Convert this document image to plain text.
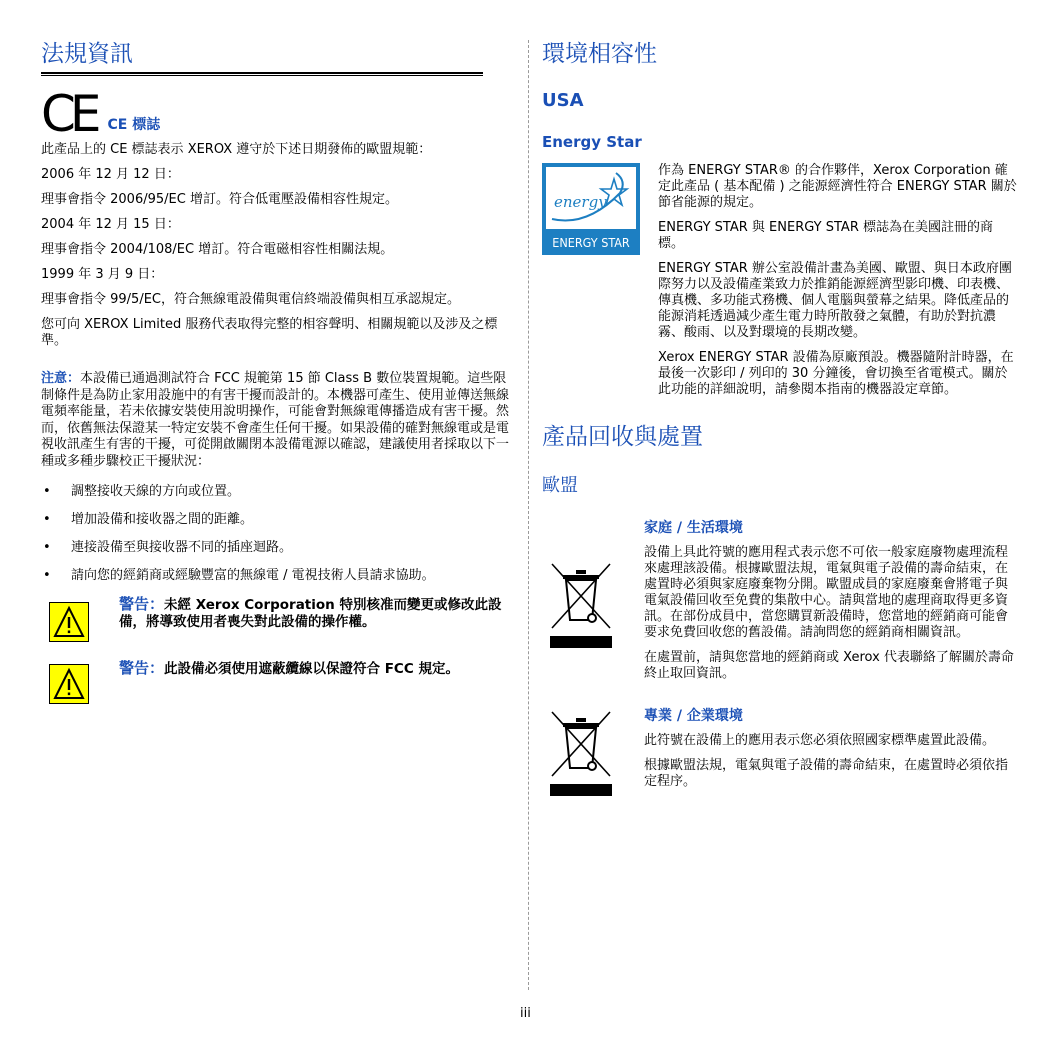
法規資訊
CE CE 標誌

此產品上的 CE 標誌表示 XEROX 遵守於下述日期發佈的歐盟規範：

2006 年 12 月 12 日：

理事會指令 2006/95/EC 增訂。符合低電壓設備相容性規定。

2004 年 12 月 15 日：

理事會指令 2004/108/EC 增訂。符合電磁相容性相關法規。

1999 年 3 月 9 日：

理事會指令 99/5/EC，符合無線電設備與電信終端設備與相互承認規定。

您可向 XEROX Limited 服務代表取得完整的相容聲明、相關規範以及涉及之標準。

注意：本設備已通過測試符合 FCC 規範第 15 節 Class B 數位裝置規範。這些限制條件是為防止家用設施中的有害干擾而設計的。本機器可產生、使用並傳送無線電頻率能量，若未依據安裝使用說明操作，可能會對無線電傳播造成有害干擾。然而，依舊無法保證某一特定安裝不會產生任何干擾。如果設備的確對無線電或是電視收訊產生有害的干擾，可從開啟關閉本設備電源以確認，建議使用者採取以下一種或多種步驟校正干擾狀況：

•	調整接收天線的方向或位置。
•	增加設備和接收器之間的距離。
•	連接設備至與接收器不同的插座迴路。
•	請向您的經銷商或經驗豐富的無線電 / 電視技術人員請求協助。
警告：未經 Xerox Corporation 特別核准而變更或修改此設備，將導致使用者喪失對此設備的操作權。
警告：此設備必須使用遮蔽纜線以保證符合 FCC 規定。
環境相容性
USA
Energy Star
energy
ENERGY STAR

作為 ENERGY STAR® 的合作夥伴，Xerox Corporation 確定此產品 ( 基本配備 ) 之能源經濟性符合 ENERGY STAR 關於節省能源的規定。

ENERGY STAR 與 ENERGY STAR 標誌為在美國註冊的商標。

ENERGY STAR 辦公室設備計畫為美國、歐盟、與日本政府團際努力以及設備產業致力於推銷能源經濟型影印機、印表機、傳真機、多功能式務機、個人電腦與螢幕之結果。降低產品的能源消耗透過減少產生電力時所散發之氣體，有助於對抗濃霧、酸雨、以及對環境的長期改變。

Xerox ENERGY STAR 設備為原廠預設。機器隨附計時器，在最後一次影印 / 列印的 30 分鐘後，會切換至省電模式。關於此功能的詳細說明，請參閱本指南的機器設定章節。

產品回收與處置
歐盟
家庭 / 生活環境

設備上具此符號的應用程式表示您不可依一般家庭廢物處理流程來處理該設備。根據歐盟法規，電氣與電子設備的壽命結束，在處置時必須與家庭廢棄物分開。歐盟成員的家庭廢棄會將電子與電氣設備回收至免費的集散中心。請與當地的處理商取得更多資訊。在部份成員中，當您購買新設備時，您當地的經銷商可能會要求免費回收您的舊設備。請詢問您的經銷商相關資訊。

在處置前，請與您當地的經銷商或 Xerox 代表聯絡了解關於壽命終止取回資訊。

專業 / 企業環境

此符號在設備上的應用表示您必須依照國家標準處置此設備。

根據歐盟法規，電氣與電子設備的壽命結束，在處置時必須依指定程序。

iii
